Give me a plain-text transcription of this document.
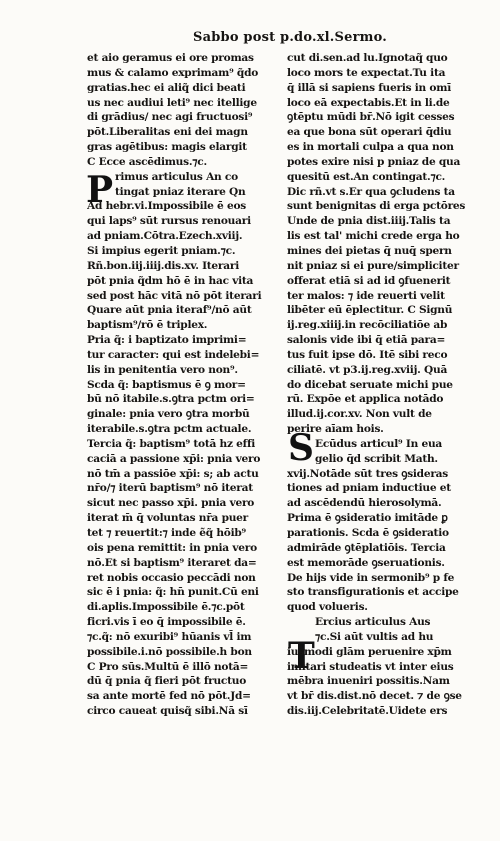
Sabbo post p.do.xl.Sermo.
P
S
T
et aio geramus ei ore promas
mus & calamo exprimam⁹ q̃do
gratias.hec ei aliq̃ dici beati
us nec audiui leti⁹ nec itellige
di grādius/ nec agi fructuosi⁹
pōt.Liberalitas eni dei magn
gras agētibus: magis elargit
C Ecce ascēdimus.⁊c.
rimus articulus An co
tingat pniaz iterare Qn
Ad hebr.vi.Impossibile ē eos
qui laps⁹ sūt rursus renouari
ad pniam.Cōtra.Ezech.xviij.
Si impius egerit pniam.⁊c.
Rñ.bon.iij.iiij.dis.xv. Iterari
pōt pnia q̃dm hō ē in hac vita
sed post hāc vitā nō pōt iterari
Quare aūt pnia iteraf⁹/nō aūt
baptism⁹/rō ē triplex.
Pria q̃: i baptizato imprimi=
tur caracter: qui est indelebi=
lis in penitentia vero non⁹.
Scda q̃: baptismus ē ꝯ mor=
bū nō itabile.s.ꝯtra pctm ori=
ginale: pnia vero ꝯtra morbū
iterabile.s.ꝯtra pctm actuale.
Tercia q̃: baptism⁹ totā hz effi
caciā a passione xp̄i: pnia vero
nō tm̄ a passiōe xp̄i: s; ab actu
nr̄o/⁊ iterū baptism⁹ nō iterat
sicut nec passo xp̄i. pnia vero
iterat m̄ q̄ voluntas nr̄a puer
tet ⁊ reuertit:⁊ inde ẽq̃ hōib⁹
ois pena remittit: in pnia vero
nō.Et si baptism⁹ iteraret da=
ret nobis occasio peccādi non
sic ē i pnia: q̃: hn̄ punit.Cū eni
di.aplis.Impossibile ē.⁊c.pōt
ficri.vis ī eo q̄ impossibile ē.
⁊c.q̃: nō exuribi⁹ hūanis vl̄ im
possibile.i.nō possibile.h bon
C Pro sūs.Multū ē illō notā=
dū q̄ pnia q̃ fieri pōt fructuo
sa ante mortē fed nō pōt.Jd=
circo caueat quisq̃ sibi.Nā sī
cut di.sen.ad lu.Ignotaq̃ quo
loco mors te expectat.Tu ita
q̄ illā si sapiens fueris in omī
loco eā expectabis.Et in li.de
ꝯtēptu mūdi br̄.Nō igit cesses
ea que bona sūt operari q̄diu
es in mortali culpa a qua non
potes exire nisi p pniaz de qua
quesitū est.An contingat.⁊c.
Dic rñ.vt s.Er qua ꝯcludens ta
sunt benignitas di erga pctōres
Unde de pnia dist.iiij.Talis ta
lis est tal' michi crede erga ho
mines dei pietas q̄ nuq̄ spern
nit pniaz si ei pure/simpliciter
offerat etiā si ad id ꝯfuenerit
ter malos: ⁊ ide reuerti velit
libēter eū ēplectitur. C Signū
ij.reg.xiiij.in recōciliatiōe ab
salonis vide ibi q̄ etiā para=
tus fuit ipse dō. Itē sibi reco
ciliatē. vt p3.ij.reg.xviij. Quā
do dicebat seruate michi pue
rū. Expōe et applica notādo
illud.ij.cor.xv. Non vult de
perire aīam hois.
Ecūdus articul⁹ In eua
gelio q̄d scribit Math.
xvij.Notāde sūt tres ꝯsideras
tiones ad pniam inductiue et
ad ascēdendū hierosolymā.
Prima ē ꝯsideratio imitāde ꝑ
parationis. Scda ē ꝯsideratio
admirāde ꝯtēplatiōis. Tercia
est memorāde ꝯseruationis.
De hijs vide in sermonib⁹ p fe
sto transfigurationis et accipe
quod volueris.
Ercius articulus Aus
⁊c.Si aūt vultis ad hu
iusmodi glām peruenire xp̄m
imitari studeatis vt inter eius
mēbra inueniri possitis.Nam
vt br̄ dis.dist.nō decet. ⁊ de ꝯse
dis.iij.Celebritatē.Uidete ers
